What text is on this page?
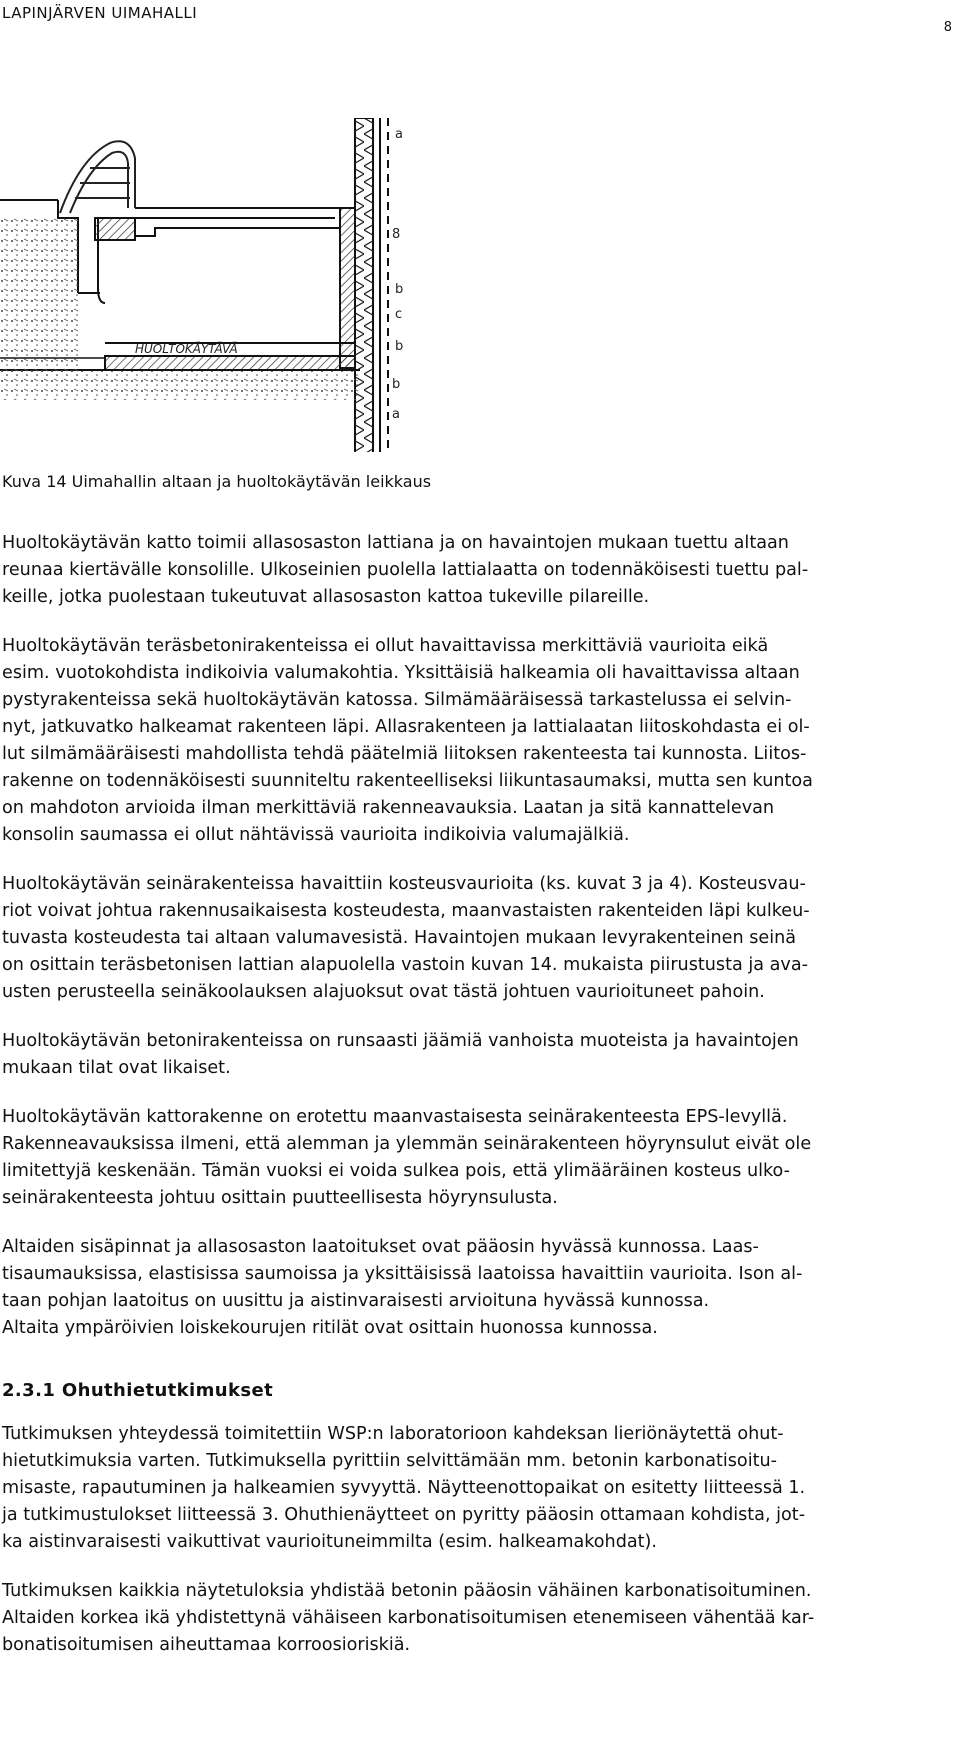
LAPINJÄRVEN UIMAHALLI
8
a
8
b
c
b
b
a
HUOLTOKÄYTÄVÄ
Kuva 14 Uimahallin altaan ja huoltokäytävän leikkaus

Huoltokäytävän katto toimii allasosaston lattiana ja on havaintojen mukaan tuettu altaan
reunaa kiertävälle konsolille. Ulkoseinien puolella lattialaatta on todennäköisesti tuettu pal-
keille, jotka puolestaan tukeutuvat allasosaston kattoa tukeville pilareille.

Huoltokäytävän teräsbetonirakenteissa ei ollut havaittavissa merkittäviä vaurioita eikä
esim. vuotokohdista indikoivia valumakohtia. Yksittäisiä halkeamia oli havaittavissa altaan
pystyrakenteissa sekä huoltokäytävän katossa. Silmämääräisessä tarkastelussa ei selvin-
nyt, jatkuvatko halkeamat rakenteen läpi. Allasrakenteen ja lattialaatan liitoskohdasta ei ol-
lut silmämääräisesti mahdollista tehdä päätelmiä liitoksen rakenteesta tai kunnosta. Liitos-
rakenne on todennäköisesti suunniteltu rakenteelliseksi liikuntasaumaksi, mutta sen kuntoa
on mahdoton arvioida ilman merkittäviä rakenneavauksia. Laatan ja sitä kannattelevan
konsolin saumassa ei ollut nähtävissä vaurioita indikoivia valumajälkiä.

Huoltokäytävän seinärakenteissa havaittiin kosteusvaurioita (ks. kuvat 3 ja 4). Kosteusvau-
riot voivat johtua rakennusaikaisesta kosteudesta, maanvastaisten rakenteiden läpi kulkeu-
tuvasta kosteudesta tai altaan valumavesistä. Havaintojen mukaan levyrakenteinen seinä
on osittain teräsbetonisen lattian alapuolella vastoin kuvan 14. mukaista piirustusta ja ava-
usten perusteella seinäkoolauksen alajuoksut ovat tästä johtuen vaurioituneet pahoin.

Huoltokäytävän betonirakenteissa on runsaasti jäämiä vanhoista muoteista ja havaintojen
mukaan tilat ovat likaiset.

Huoltokäytävän kattorakenne on erotettu maanvastaisesta seinärakenteesta EPS-levyllä.
Rakenneavauksissa ilmeni, että alemman ja ylemmän seinärakenteen höyrynsulut eivät ole
limitettyjä keskenään. Tämän vuoksi ei voida sulkea pois, että ylimääräinen kosteus ulko-
seinärakenteesta johtuu osittain puutteellisesta höyrynsulusta.

Altaiden sisäpinnat ja allasosaston laatoitukset ovat pääosin hyvässä kunnossa. Laas-
tisaumauksissa, elastisissa saumoissa ja yksittäisissä laatoissa havaittiin vaurioita. Ison al-
taan pohjan laatoitus on uusittu ja aistinvaraisesti arvioituna hyvässä kunnossa.
Altaita ympäröivien loiskekourujen ritilät ovat osittain huonossa kunnossa.

2.3.1 Ohuthietutkimukset

Tutkimuksen yhteydessä toimitettiin WSP:n laboratorioon kahdeksan lieriönäytettä ohut-
hietutkimuksia varten. Tutkimuksella pyrittiin selvittämään mm. betonin karbonatisoitu-
misaste, rapautuminen ja halkeamien syvyyttä. Näytteenottopaikat on esitetty liitteessä 1.
ja tutkimustulokset liitteessä 3. Ohuthienäytteet on pyritty pääosin ottamaan kohdista, jot-
ka aistinvaraisesti vaikuttivat vaurioituneimmilta (esim. halkeamakohdat).

Tutkimuksen kaikkia näytetuloksia yhdistää betonin pääosin vähäinen karbonatisoituminen.
Altaiden korkea ikä yhdistettynä vähäiseen karbonatisoitumisen etenemiseen vähentää kar-
bonatisoitumisen aiheuttamaa korroosioriskiä.
